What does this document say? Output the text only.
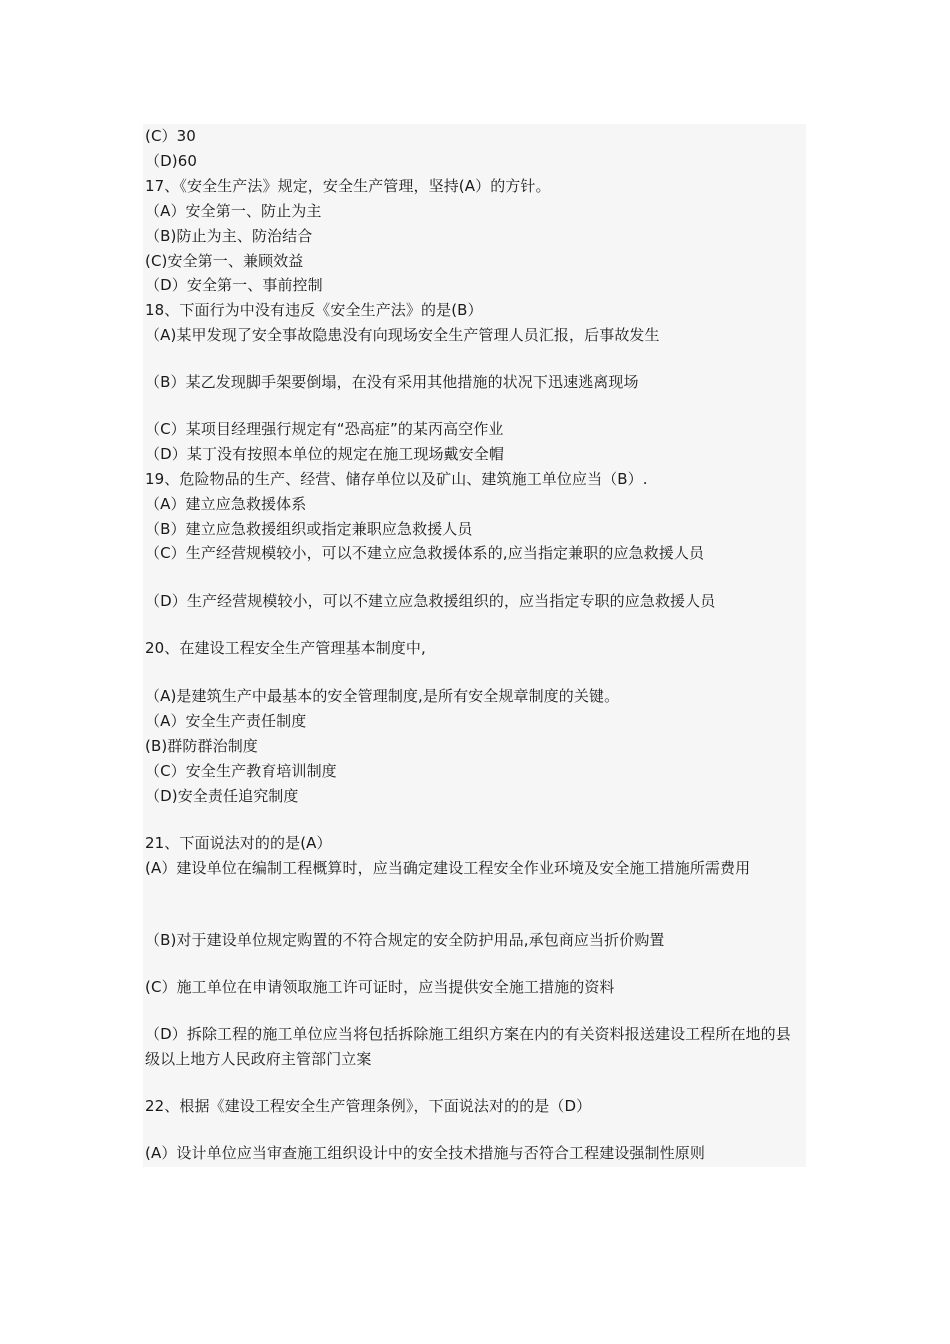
(C）30
（D)60
17、《安全生产法》规定，安全生产管理，坚持(A）的方针。
（A）安全第一、防止为主
（B)防止为主、防治结合
(C)安全第一、兼顾效益
（D）安全第一、事前控制
18、下面行为中没有违反《安全生产法》的是(B）
（A)某甲发现了安全事故隐患没有向现场安全生产管理人员汇报，后事故发生
（B）某乙发现脚手架要倒塌，在没有采用其他措施的状况下迅速逃离现场
（C）某项目经理强行规定有“恐高症”的某丙高空作业
（D）某丁没有按照本单位的规定在施工现场戴安全帽
19、危险物品的生产、经营、储存单位以及矿山、建筑施工单位应当（B）.
（A）建立应急救援体系
（B）建立应急救援组织或指定兼职应急救援人员
（C）生产经营规模较小，可以不建立应急救援体系的,应当指定兼职的应急救援人员
（D）生产经营规模较小，可以不建立应急救援组织的，应当指定专职的应急救援人员
20、在建设工程安全生产管理基本制度中,
（A)是建筑生产中最基本的安全管理制度,是所有安全规章制度的关键。
（A）安全生产责任制度
(B)群防群治制度
（C）安全生产教育培训制度
（D)安全责任追究制度
21、下面说法对的的是(A）
(A）建设单位在编制工程概算时，应当确定建设工程安全作业环境及安全施工措施所需费用
（B)对于建设单位规定购置的不符合规定的安全防护用品,承包商应当折价购置
(C）施工单位在申请领取施工许可证时，应当提供安全施工措施的资料
（D）拆除工程的施工单位应当将包括拆除施工组织方案在内的有关资料报送建设工程所在地的县级以上地方人民政府主管部门立案
22、根据《建设工程安全生产管理条例》，下面说法对的的是（D）
(A）设计单位应当审查施工组织设计中的安全技术措施与否符合工程建设强制性原则
